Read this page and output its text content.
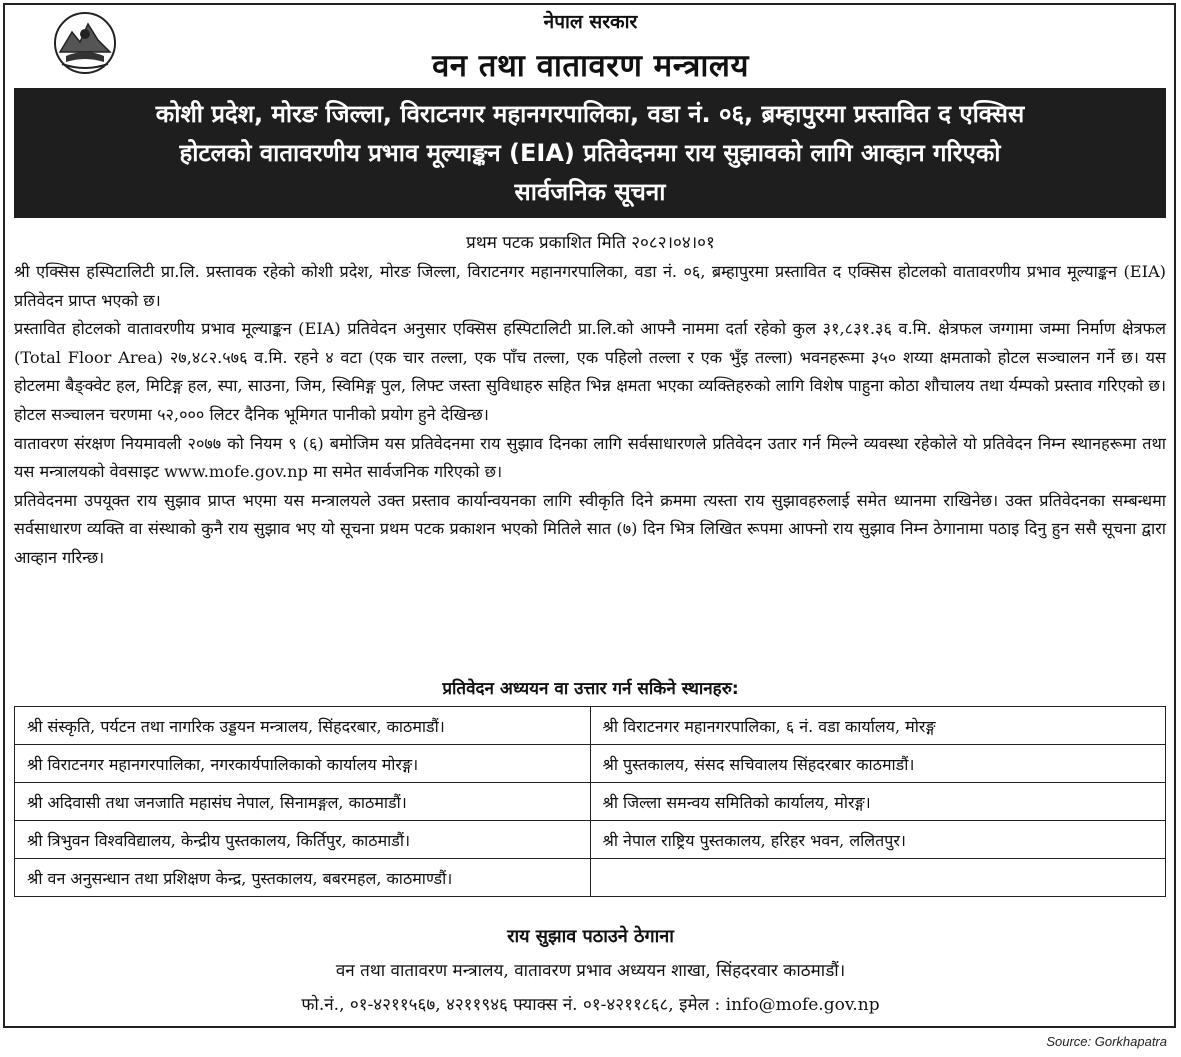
नेपाल सरकार
वन तथा वातावरण मन्त्रालय
कोशी प्रदेश, मोरङ जिल्ला, विराटनगर महानगरपालिका, वडा नं. ०६, ब्रम्हापुरमा प्रस्तावित द एक्सिस
होटलको वातावरणीय प्रभाव मूल्याङ्कन (EIA) प्रतिवेदनमा राय सुझावको लागि आव्हान गरिएको
सार्वजनिक सूचना
प्रथम पटक प्रकाशित मिति २०८२।०४।०१

श्री एक्सिस हस्पिटालिटी प्रा.लि. प्रस्तावक रहेको कोशी प्रदेश, मोरङ जिल्ला, विराटनगर महानगरपालिका, वडा नं. ०६, ब्रम्हापुरमा प्रस्तावित द एक्सिस होटलको वातावरणीय प्रभाव मूल्याङ्कन (EIA) प्रतिवेदन प्राप्त भएको छ।

प्रस्तावित होटलको वातावरणीय प्रभाव मूल्याङ्कन (EIA) प्रतिवेदन अनुसार एक्सिस हस्पिटालिटी प्रा.लि.को आफ्नै नाममा दर्ता रहेको कुल ३१,८३१.३६ व.मि. क्षेत्रफल जग्गामा जम्मा निर्माण क्षेत्रफल (Total Floor Area) २७,४८२.५७६ व.मि. रहने ४ वटा (एक चार तल्ला, एक पाँच तल्ला, एक पहिलो तल्ला र एक भुँइ तल्ला) भवनहरूमा ३५० शय्या क्षमताको होटल सञ्चालन गर्ने छ। यस होटलमा बैङ्क्वेट हल, मिटिङ्ग हल, स्पा, साउना, जिम, स्विमिङ्ग पुल, लिफ्ट जस्ता सुविधाहरु सहित भिन्न क्षमता भएका व्यक्तिहरुको लागि विशेष पाहुना कोठा शौचालय तथा र्यम्पको प्रस्ताव गरिएको छ। होटल सञ्चालन चरणमा ५२,००० लिटर दैनिक भूमिगत पानीको प्रयोग हुने देखिन्छ।

वातावरण संरक्षण नियमावली २०७७ को नियम ९ (६) बमोजिम यस प्रतिवेदनमा राय सुझाव दिनका लागि सर्वसाधारणले प्रतिवेदन उतार गर्न मिल्ने व्यवस्था रहेकोले यो प्रतिवेदन निम्न स्थानहरूमा तथा यस मन्त्रालयको वेवसाइट www.mofe.gov.np मा समेत सार्वजनिक गरिएको छ।

प्रतिवेदनमा उपयूक्त राय सुझाव प्राप्त भएमा यस मन्त्रालयले उक्त प्रस्ताव कार्यान्वयनका लागि स्वीकृति दिने क्रममा त्यस्ता राय सुझावहरुलाई समेत ध्यानमा राखिनेछ। उक्त प्रतिवेदनका सम्बन्धमा सर्वसाधारण व्यक्ति वा संस्थाको कुनै राय सुझाव भए यो सूचना प्रथम पटक प्रकाशन भएको मितिले सात (७) दिन भित्र लिखित रूपमा आफ्नो राय सुझाव निम्न ठेगानामा पठाइ दिनु हुन ससै सूचना द्वारा आव्हान गरिन्छ।

प्रतिवेदन अध्ययन वा उत्तार गर्न सकिने स्थानहरु:
श्री संस्कृति, पर्यटन तथा नागरिक उड्डयन मन्त्रालय, सिंहदरबार, काठमाडौं।	श्री विराटनगर महानगरपालिका, ६ नं. वडा कार्यालय, मोरङ्ग
श्री विराटनगर महानगरपालिका, नगरकार्यपालिकाको कार्यालय मोरङ्ग।	श्री पुस्तकालय, संसद सचिवालय सिंहदरबार काठमाडौं।
श्री अदिवासी तथा जनजाति महासंघ नेपाल, सिनामङ्गल, काठमाडौं।	श्री जिल्ला समन्वय समितिको कार्यालय, मोरङ्ग।
श्री त्रिभुवन विश्वविद्यालय, केन्द्रीय पुस्तकालय, किर्तिपुर, काठमाडौं।	श्री नेपाल राष्ट्रिय पुस्तकालय, हरिहर भवन, ललितपुर।
श्री वन अनुसन्धान तथा प्रशिक्षण केन्द्र, पुस्तकालय, बबरमहल, काठमाण्डौं।	
राय सुझाव पठाउने ठेगाना
वन तथा वातावरण मन्त्रालय, वातावरण प्रभाव अध्ययन शाखा, सिंहदरवार काठमाडौं।
फो.नं., ०१-४२११५६७, ४२११९४६ फ्याक्स नं. ०१-४२११८६८, इमेल : info@mofe.gov.np
Source: Gorkhapatra
